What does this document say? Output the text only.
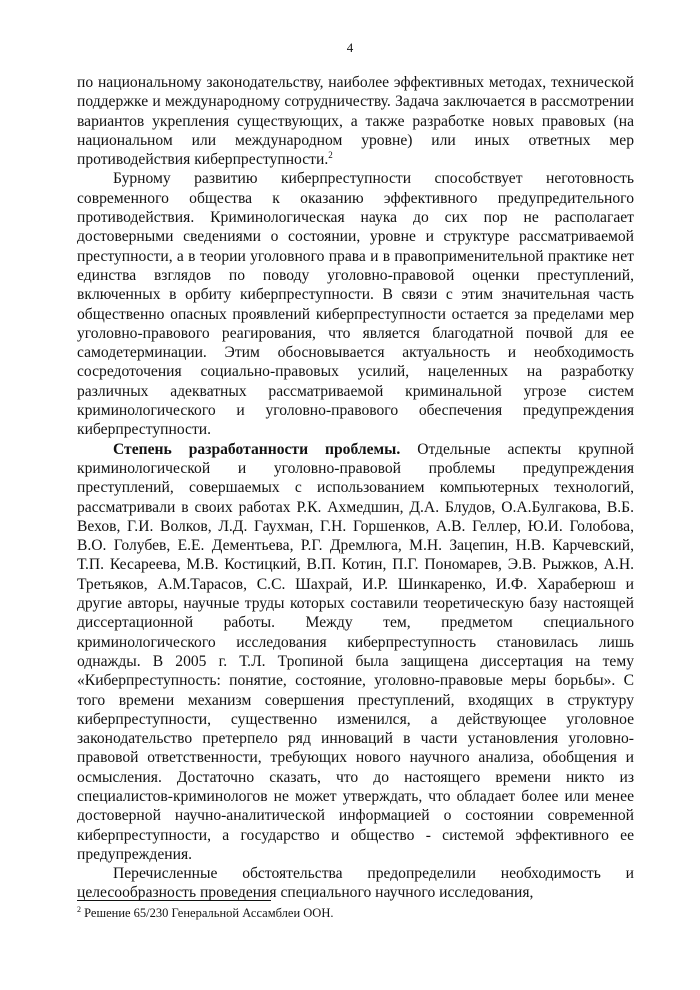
4

по национальному законодательству, наиболее эффективных методах, технической поддержке и международному сотрудничеству. Задача заключается в рассмотрении вариантов укрепления существующих, а также разработке новых правовых (на национальном или международном уровне) или иных ответных мер противодействия киберпреступности.$^2$

Бурному развитию киберпреступности способствует неготовность современного общества к оказанию эффективного предупредительного противодействия. Криминологическая наука до сих пор не располагает достоверными сведениями о состоянии, уровне и структуре рассматриваемой преступности, а в теории уголовного права и в правоприменительной практике нет единства взглядов по поводу уголовно-правовой оценки преступлений, включенных в орбиту киберпреступности. В связи с этим значительная часть общественно опасных проявлений киберпреступности остается за пределами мер уголовно-правового реагирования, что является благодатной почвой для ее самодетерминации. Этим обосновывается актуальность и необходимость сосредоточения социально-правовых усилий, нацеленных на разработку различных адекватных рассматриваемой криминальной угрозе систем криминологического и уголовно-правового обеспечения предупреждения киберпреступности.

Степень разработанности проблемы. Отдельные аспекты крупной криминологической и уголовно-правовой проблемы предупреждения преступлений, совершаемых с использованием компьютерных технологий, рассматривали в своих работах Р.К. Ахмедшин, Д.А. Блудов, О.А.Булгакова, В.Б. Вехов, Г.И. Волков, Л.Д. Гаухман, Г.Н. Горшенков, А.В. Геллер, Ю.И. Голобова, В.О. Голубев, Е.Е. Дементьева, Р.Г. Дремлюга, М.Н. Зацепин, Н.В. Карчевский, Т.П. Кесареева, М.В. Костицкий, В.П. Котин, П.Г. Пономарев, Э.В. Рыжков, А.Н. Третьяков, А.М.Тарасов, С.С. Шахрай, И.Р. Шинкаренко, И.Ф. Хараберюш и другие авторы, научные труды которых составили теоретическую базу настоящей диссертационной работы. Между тем, предметом специального криминологического исследования киберпреступность становилась лишь однажды. В 2005 г. Т.Л. Тропиной была защищена диссертация на тему «Киберпреступность: понятие, состояние, уголовно-правовые меры борьбы». С того времени механизм совершения преступлений, входящих в структуру киберпреступности, существенно изменился, а действующее уголовное законодательство претерпело ряд инноваций в части установления уголовно-правовой ответственности, требующих нового научного анализа, обобщения и осмысления. Достаточно сказать, что до настоящего времени никто из специалистов-криминологов не может утверждать, что обладает более или менее достоверной научно-аналитической информацией о состоянии современной киберпреступности, а государство и общество - системой эффективного ее предупреждения.

Перечисленные обстоятельства предопределили необходимость и целесообразность проведения специального научного исследования,

$^2$ Решение 65/230 Генеральной Ассамблеи ООН.
